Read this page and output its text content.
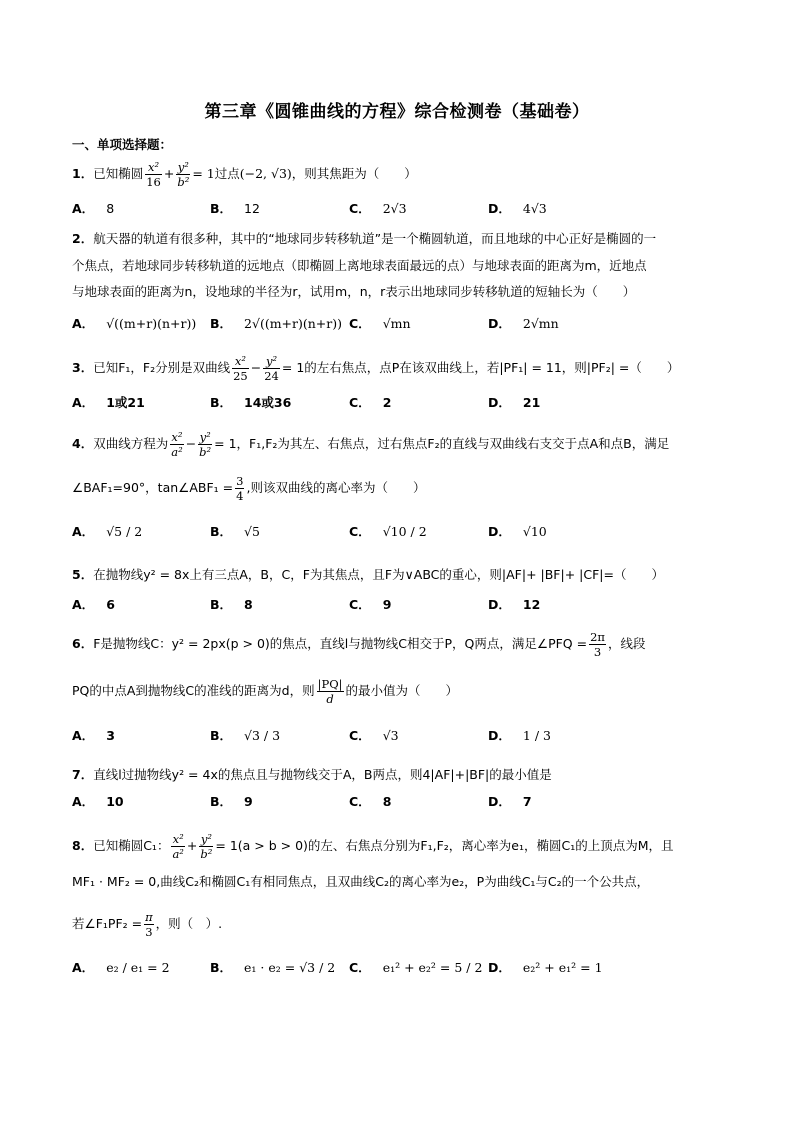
第三章《圆锥曲线的方程》综合检测卷（基础卷）
一、单项选择题：
1．已知椭圆 $\frac{\text{x²}}{16} + \frac{\text{y²}}{\text{b²}} = 1$过点(−2, √3)，则其焦距为（　　）
A． 8	B． 12	C． 2√3	D． 4√3
2．航天器的轨道有很多种，其中的“地球同步转移轨道”是一个椭圆轨道，而且地球的中心正好是椭圆的一
个焦点，若地球同步转移轨道的远地点（即椭圆上离地球表面最远的点）与地球表面的距离为m，近地点
与地球表面的距离为n，设地球的半径为r，试用m，n，r表示出地球同步转移轨道的短轴长为（　　）
A． √((m+r)(n+r)) B． 2√((m+r)(n+r)) C． √mn	D． 2√mn
3．已知F₁，F₂分别是双曲线 $\frac{\text{x²}}{25} - \frac{\text{y²}}{24} = 1$的左右焦点，点P在该双曲线上，若|PF₁| = 11，则|PF₂| =（　　）
A． 1或21	B． 14或36	C． 2	D． 21
4．双曲线方程为 $\frac{\text{x²}}{\text{a²}} - \frac{\text{y²}}{\text{b²}} = 1$，F₁,F₂为其左、右焦点，过右焦点F₂的直线与双曲线右支交于点A和点B，满足
∠BAF₁=90°，tan∠ABF₁ = $\frac{3}{4}$ ,则该双曲线的离心率为（　　）
A． √5 / 2	B． √5	C． √10 / 2	D． √10
5．在抛物线y² = 8x上有三点A，B，C，F为其焦点，且F为∨ABC的重心，则|AF|+ |BF|+ |CF|=（　　）
A． 6	B． 8	C． 9	D． 12
6．F是抛物线C：y² = 2px(p > 0)的焦点，直线l与抛物线C相交于P，Q两点，满足∠PFQ = $\frac{2\pi}{3}$ ，线段
PQ的中点A到抛物线C的准线的距离为d，则 $\frac{|PQ|}{d}$ 的最小值为（　　）
A． 3	B． √3 / 3	C． √3	D． 1 / 3
7．直线l过抛物线y² = 4x的焦点且与抛物线交于A，B两点，则4|AF|+|BF|的最小值是
A． 10	B． 9	C． 8	D． 7
8．已知椭圆C₁： $\frac{\text{x²}}{\text{a²}} + \frac{\text{y²}}{\text{b²}} = 1(a > b > 0)$的左、右焦点分别为F₁,F₂，离心率为e₁，椭圆C₁的上顶点为M，且
MF₁ · MF₂ = 0,曲线C₂和椭圆C₁有相同焦点，且双曲线C₂的离心率为e₂，P为曲线C₁与C₂的一个公共点，
若∠F₁PF₂ = $\frac{\pi}{3}$ ，则（　）.
A． e₂ / e₁ = 2	B． e₁ · e₂ = √3 / 2 C． e₁² + e₂² = 5 / 2 D． e₂² + e₁² = 1
